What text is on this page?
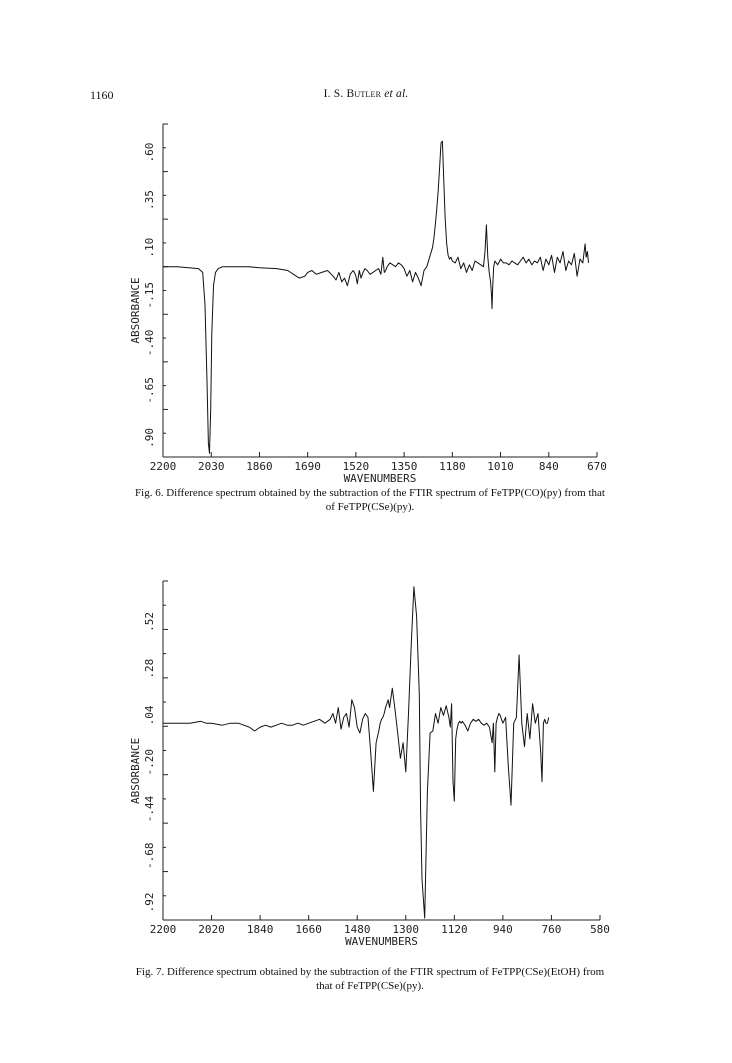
1160	I. S. Butler et al.
2200 2030 1860 1690 1520 1350 1180 1010 840	670
.90
-.65
-.40
-.15
.10
.35
.60
WAVENUMBERS
ABSORBANCE
Fig. 6. Difference spectrum obtained by the subtraction of the FTIR spectrum of FeTPP(CO)(py) from that of FeTPP(CSe)(py).
2200 2020 1840 1660 1480 1300 1120 940	760	580
.92
-.68
-.44
-.20
.04
.28
.52
WAVENUMBERS
ABSORBANCE
Fig. 7. Difference spectrum obtained by the subtraction of the FTIR spectrum of FeTPP(CSe)(EtOH) from that of FeTPP(CSe)(py).
